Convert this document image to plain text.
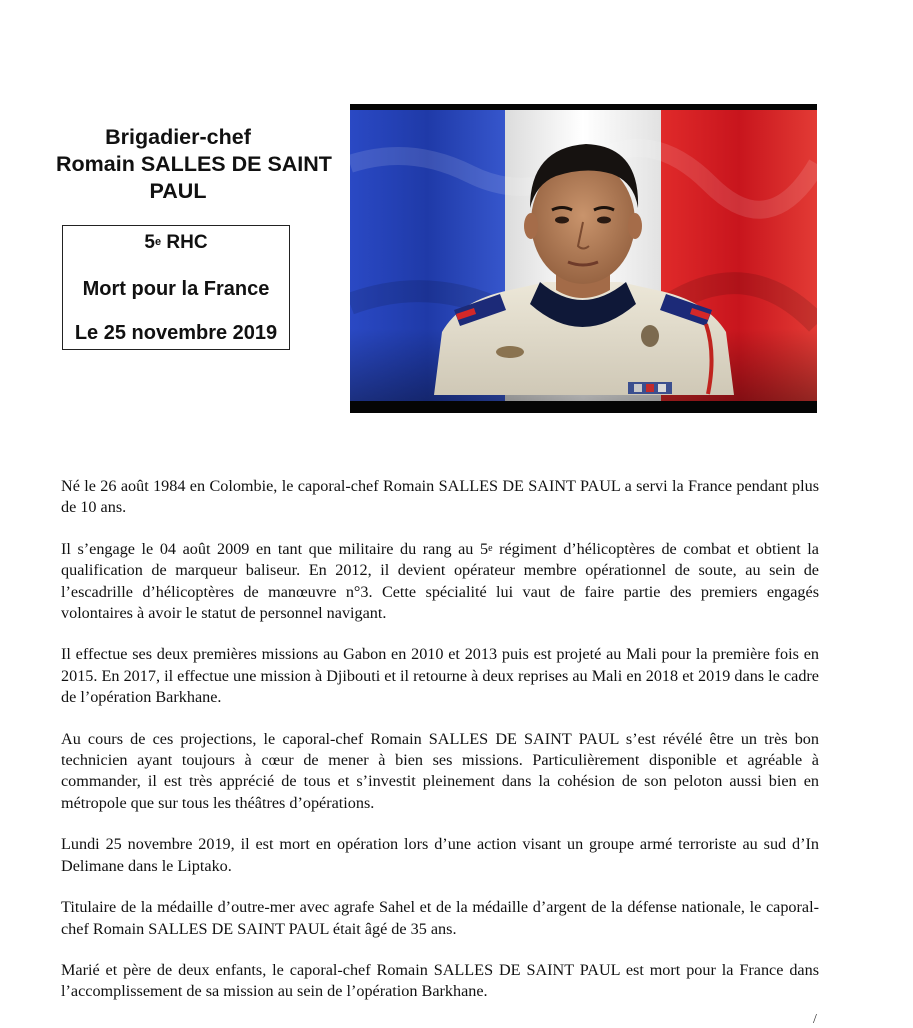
Brigadier-chef
Romain SALLES DE SAINT
PAUL
5e RHC
Mort pour la France
Le 25 novembre 2019

Né le 26 août 1984 en Colombie, le caporal-chef Romain SALLES DE SAINT PAUL a servi la France pendant plus de 10 ans.

Il s’engage le 04 août 2009 en tant que militaire du rang au 5e régiment d’hélicoptères de combat et obtient la qualification de marqueur baliseur. En 2012, il devient opérateur membre opérationnel de soute, au sein de l’escadrille d’hélicoptères de manœuvre n°3. Cette spécialité lui vaut de faire partie des premiers engagés volontaires à avoir le statut de personnel navigant.

Il effectue ses deux premières missions au Gabon en 2010 et 2013 puis est projeté au Mali pour la première fois en 2015. En 2017, il effectue une mission à Djibouti et il retourne à deux reprises au Mali en 2018 et 2019 dans le cadre de l’opération Barkhane.

Au cours de ces projections, le caporal-chef Romain SALLES DE SAINT PAUL s’est révélé être un très bon technicien ayant toujours à cœur de mener à bien ses missions. Particulièrement disponible et agréable à commander, il est très apprécié de tous et s’investit pleinement dans la cohésion de son peloton aussi bien en métropole que sur tous les théâtres d’opérations.

Lundi 25 novembre 2019, il est mort en opération lors d’une action visant un groupe armé terroriste au sud d’In Delimane dans le Liptako.

Titulaire de la médaille d’outre-mer avec agrafe Sahel et de la médaille d’argent de la défense nationale, le caporal-chef Romain SALLES DE SAINT PAUL était âgé de 35 ans.

Marié et père de deux enfants, le caporal-chef Romain SALLES DE SAINT PAUL est mort pour la France dans l’accomplissement de sa mission au sein de l’opération Barkhane.

/
